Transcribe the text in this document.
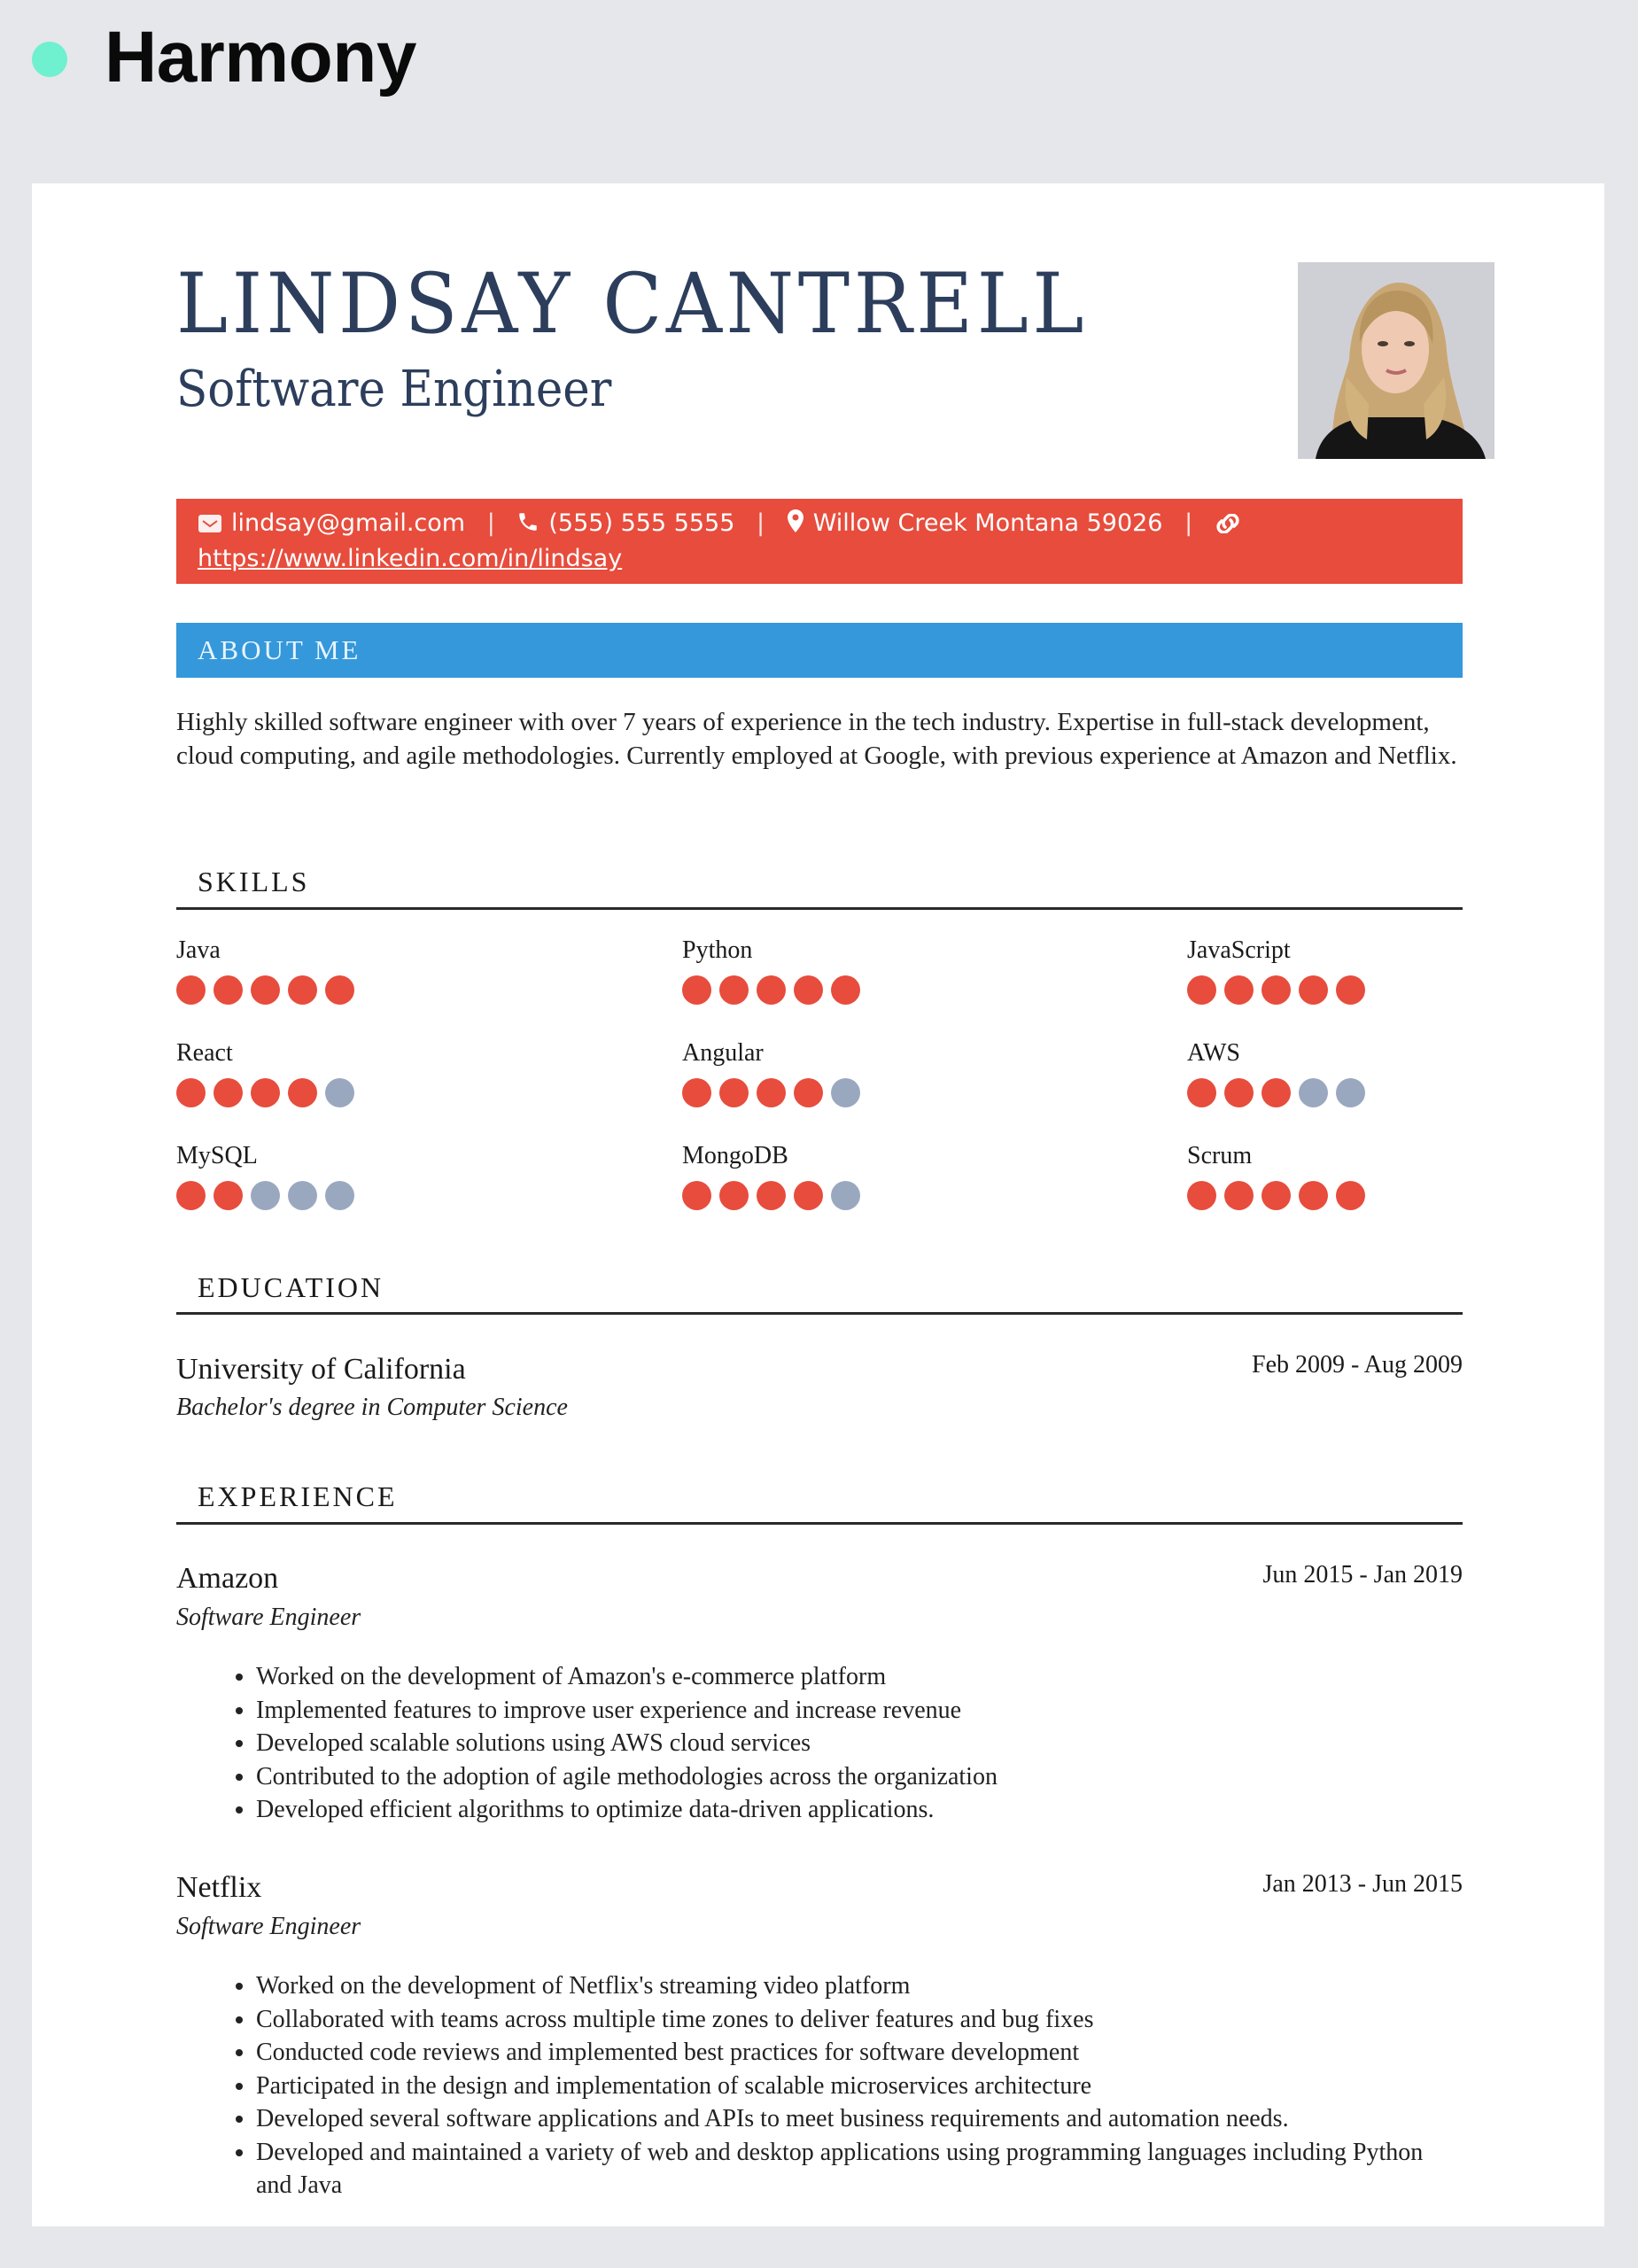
Harmony
LINDSAY CANTRELL
Software Engineer
lindsay@gmail.com | (555) 555 5555 | Willow Creek Montana 59026 | https://www.linkedin.com/in/lindsay
ABOUT ME
Highly skilled software engineer with over 7 years of experience in the tech industry. Expertise in full-stack development, cloud computing, and agile methodologies. Currently employed at Google, with previous experience at Amazon and Netflix.
SKILLS
Java	Python	JavaScript
React	Angular	AWS
MySQL	MongoDB	Scrum
EDUCATION
University of California	Feb 2009 - Aug 2009
Bachelor's degree in Computer Science
EXPERIENCE
Amazon	Jun 2015 - Jan 2019
Software Engineer
• Worked on the development of Amazon's e-commerce platform
• Implemented features to improve user experience and increase revenue
• Developed scalable solutions using AWS cloud services
• Contributed to the adoption of agile methodologies across the organization
• Developed efficient algorithms to optimize data-driven applications.
Netflix	Jan 2013 - Jun 2015
Software Engineer
• Worked on the development of Netflix's streaming video platform
• Collaborated with teams across multiple time zones to deliver features and bug fixes
• Conducted code reviews and implemented best practices for software development
• Participated in the design and implementation of scalable microservices architecture
• Developed several software applications and APIs to meet business requirements and automation needs.
• Developed and maintained a variety of web and desktop applications using programming languages including Python and Java
